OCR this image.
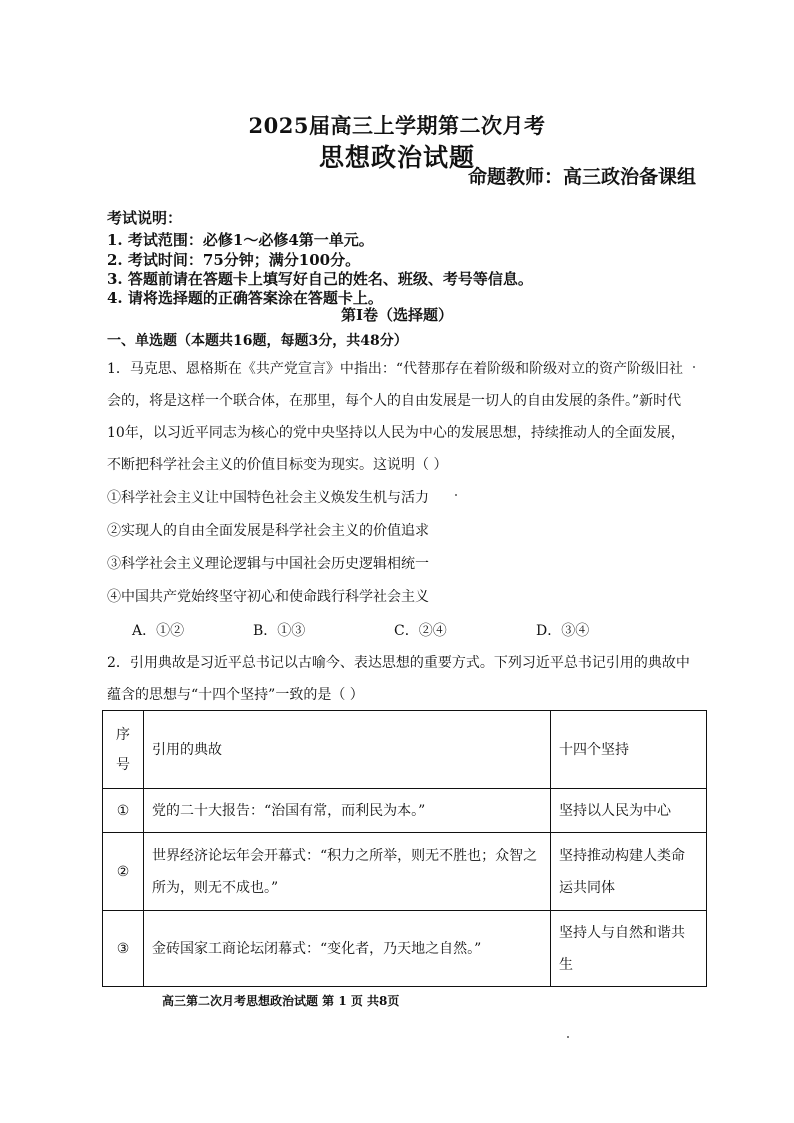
2025届高三上学期第二次月考
思想政治试题
命题教师：高三政治备课组
考试说明：
1. 考试范围：必修1～必修4第一单元。
2. 考试时间：75分钟；满分100分。
3. 答题前请在答题卡上填写好自己的姓名、班级、考号等信息。
4. 请将选择题的正确答案涂在答题卡上。
第Ⅰ卷（选择题）
一、单选题（本题共16题，每题3分，共48分）
1．马克思、恩格斯在《共产党宣言》中指出：“代替那存在着阶级和阶级对立的资产阶级旧社
会的，将是这样一个联合体，在那里，每个人的自由发展是一切人的自由发展的条件。”新时代
10年，以习近平同志为核心的党中央坚持以人民为中心的发展思想，持续推动人的全面发展，
不断把科学社会主义的价值目标变为现实。这说明（ ）
①科学社会主义让中国特色社会主义焕发生机与活力
②实现人的自由全面发展是科学社会主义的价值追求
③科学社会主义理论逻辑与中国社会历史逻辑相统一
④中国共产党始终坚守初心和使命践行科学社会主义
A．①②	B．①③	C．②④	D．③④
2．引用典故是习近平总书记以古喻今、表达思想的重要方式。下列习近平总书记引用的典故中
蕴含的思想与“十四个坚持”一致的是（ ）
序号	引用的典故	十四个坚持
①	党的二十大报告：“治国有常，而利民为本。”	坚持以人民为中心
②	世界经济论坛年会开幕式：“积力之所举，则无不胜也；众智之所为，则无不成也。”	坚持推动构建人类命运共同体
③	金砖国家工商论坛闭幕式：“变化者，乃天地之自然。”	坚持人与自然和谐共生
高三第二次月考思想政治试题 第 1 页 共8页
